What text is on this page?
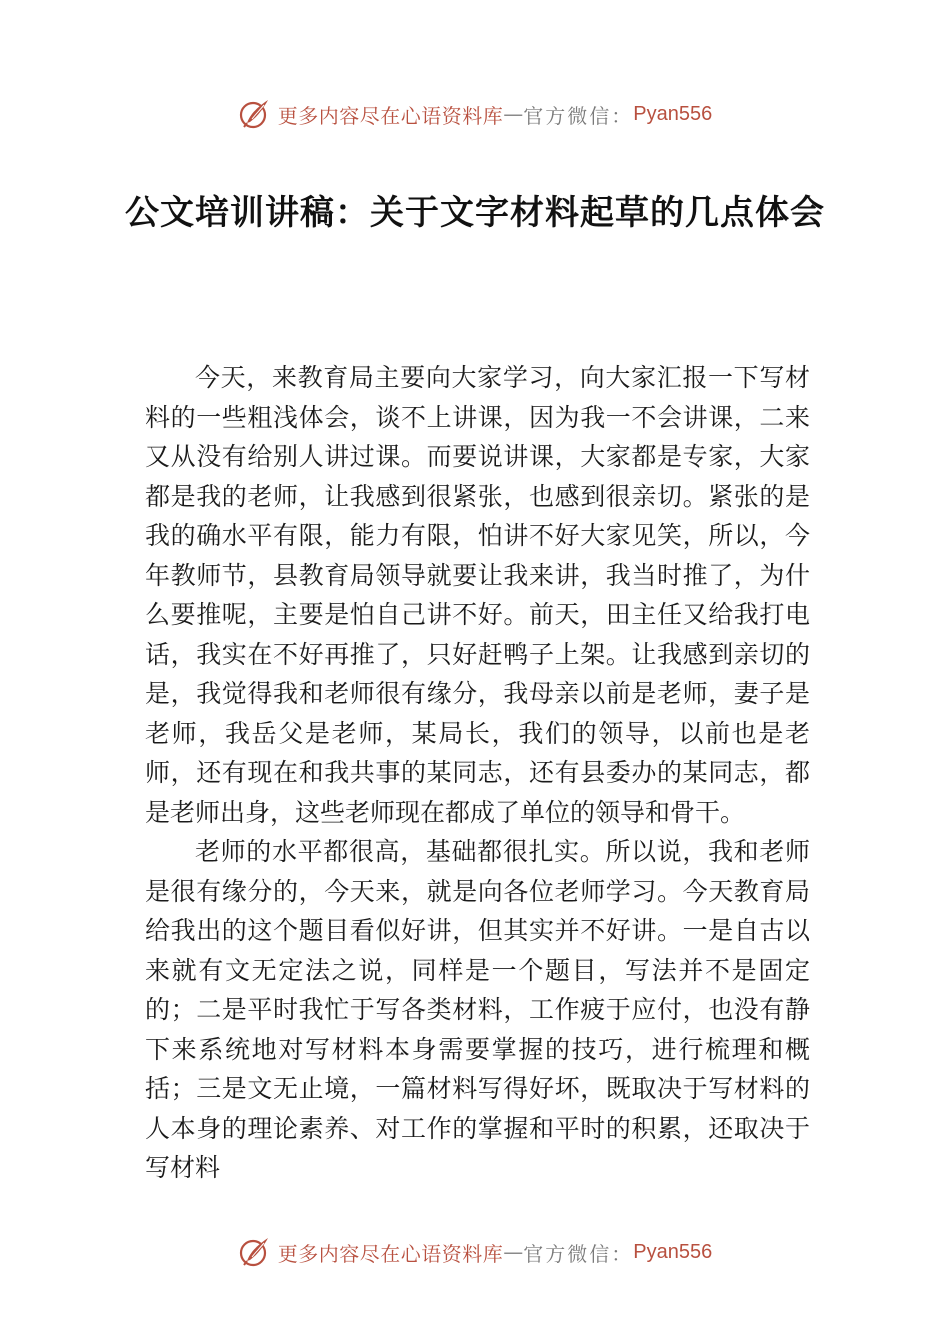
更多内容尽在心语资料库 — 官方微信： Pyan556
公文培训讲稿：关于文字材料起草的几点体会

今天，来教育局主要向大家学习，向大家汇报一下写材料的一些粗浅体会，谈不上讲课，因为我一不会讲课，二来又从没有给别人讲过课。而要说讲课，大家都是专家，大家都是我的老师，让我感到很紧张，也感到很亲切。紧张的是我的确水平有限，能力有限，怕讲不好大家见笑，所以，今年教师节，县教育局领导就要让我来讲，我当时推了，为什么要推呢，主要是怕自己讲不好。前天，田主任又给我打电话，我实在不好再推了，只好赶鸭子上架。让我感到亲切的是，我觉得我和老师很有缘分，我母亲以前是老师，妻子是老师，我岳父是老师，某局长，我们的领导，以前也是老师，还有现在和我共事的某同志，还有县委办的某同志，都是老师出身，这些老师现在都成了单位的领导和骨干。

老师的水平都很高，基础都很扎实。所以说，我和老师是很有缘分的，今天来，就是向各位老师学习。今天教育局给我出的这个题目看似好讲，但其实并不好讲。一是自古以来就有文无定法之说，同样是一个题目，写法并不是固定的；二是平时我忙于写各类材料，工作疲于应付，也没有静下来系统地对写材料本身需要掌握的技巧，进行梳理和概括；三是文无止境，一篇材料写得好坏，既取决于写材料的人本身的理论素养、对工作的掌握和平时的积累，还取决于写材料

更多内容尽在心语资料库 — 官方微信： Pyan556
